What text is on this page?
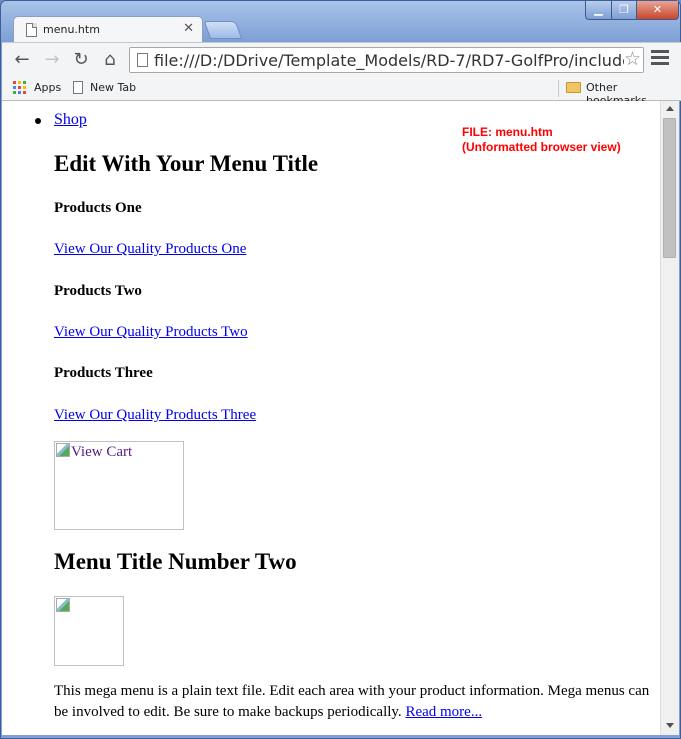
menu.htm	✕
▁	❐	✕
← → ↻ ⌂
file:///D:/DDrive/Template_Models/RD-7/RD7-GolfPro/includes/m	☆
Apps	New Tab	Other
Shop
FILE: menu.htm
(Unformatted browser view)
Edit With Your Menu Title
Products One
View Our Quality Products One
Products Two
View Our Quality Products Two
Products Three
View Our Quality Products Three
View Cart
Menu Title Number Two
This mega menu is a plain text file. Edit each area with your product information. Mega menus can be involved to edit. Be sure to make backups periodically. Read more...
